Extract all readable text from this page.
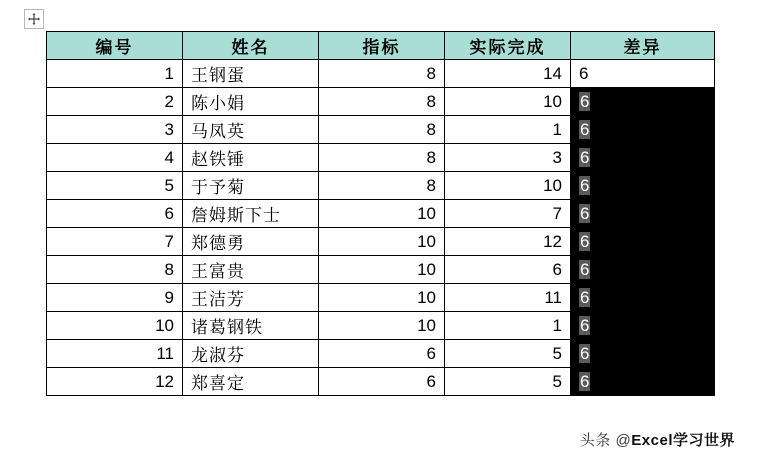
编号	姓名	指标	实际完成	差异
1	王钢蛋	8	14	6
2	陈小娟	8	10	6
3	马凤英	8	1	6
4	赵铁锤	8	3	6
5	于予菊	8	10	6
6	詹姆斯下士	10	7	6
7	郑德勇	10	12	6
8	王富贵	10	6	6
9	王洁芳	10	11	6
10	诸葛钢铁	10	1	6
11	龙淑芬	6	5	6
12	郑喜定	6	5	6
头条 @Excel学习世界
